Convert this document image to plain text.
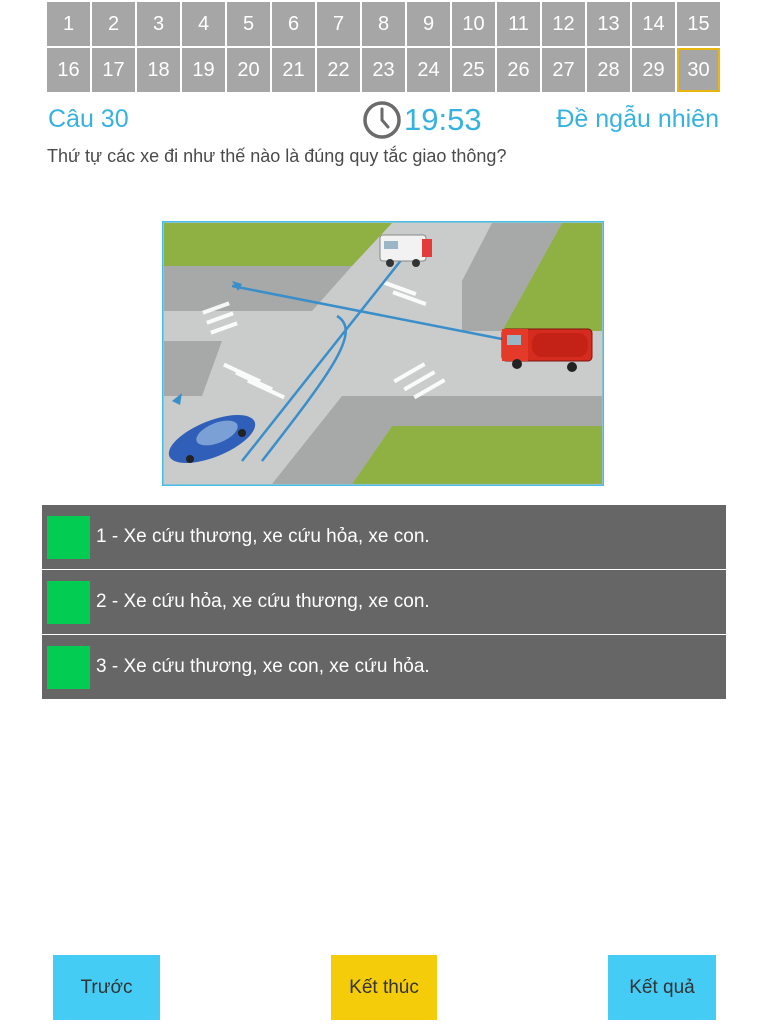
1	2	3	4	5	6	7	8	9	10	11	12	13	14	15
16	17	18	19	20	21	22	23	24	25	26	27	28	29	30
Câu 30	19:53	Đề ngẫu nhiên
Thứ tự các xe đi như thế nào là đúng quy tắc giao thông?
1 - Xe cứu thương, xe cứu hỏa, xe con.
2 - Xe cứu hỏa, xe cứu thương, xe con.
3 - Xe cứu thương, xe con, xe cứu hỏa.
Trước	Kết thúc	Kết quả
